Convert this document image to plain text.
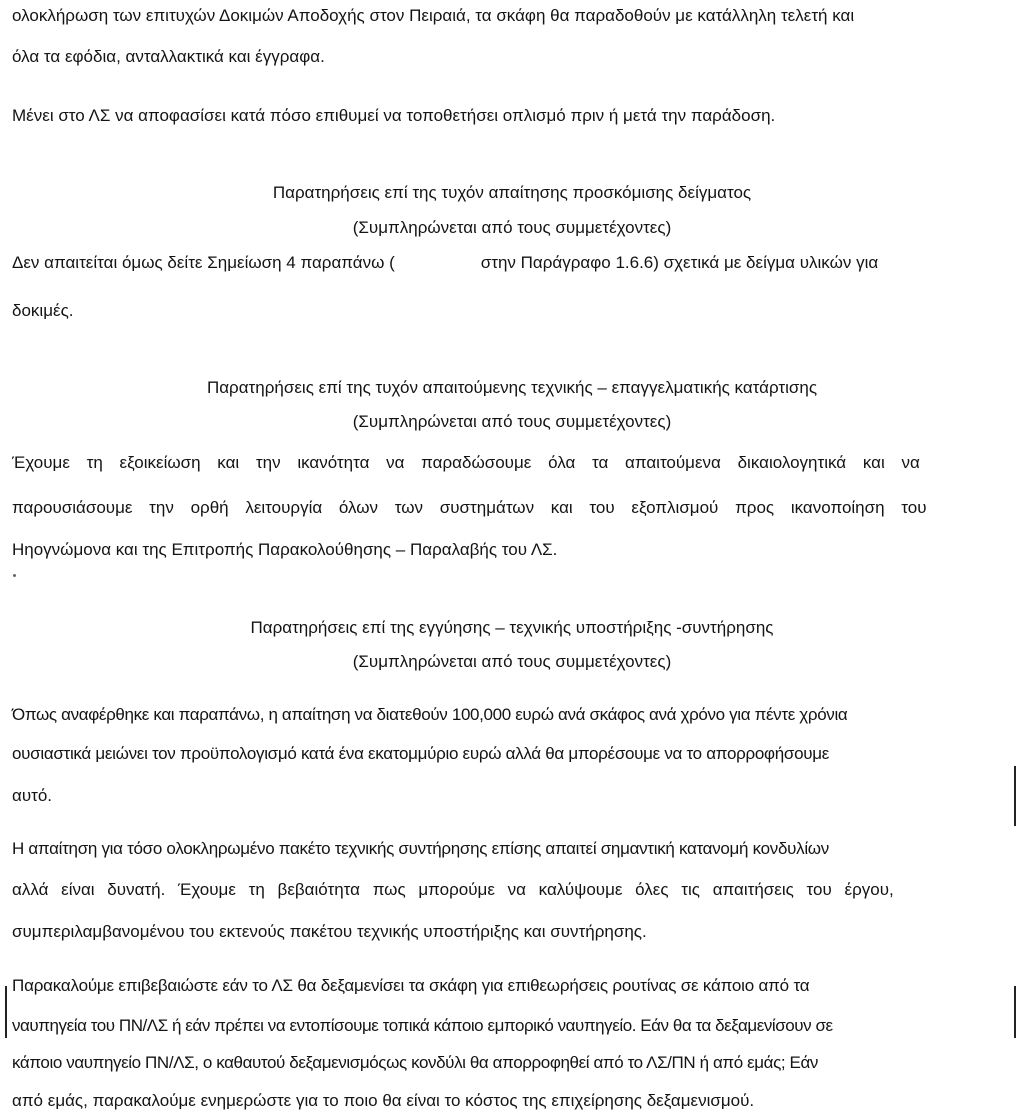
ολοκλήρωση των επιτυχών Δοκιμών Αποδοχής στον Πειραιά, τα σκάφη θα παραδοθούν με κατάλληλη τελετή και
όλα τα εφόδια, ανταλλακτικά και έγγραφα.
Μένει στο ΛΣ να αποφασίσει κατά πόσο επιθυμεί να τοποθετήσει οπλισμό πριν ή μετά την παράδοση.
Παρατηρήσεις επί της τυχόν απαίτησης προσκόμισης δείγματος
(Συμπληρώνεται από τους συμμετέχοντες)
Δεν απαιτείται όμως δείτε Σημείωση 4 παραπάνω (	στην Παράγραφο 1.6.6) σχετικά με δείγμα υλικών για
δοκιμές.
Παρατηρήσεις επί της τυχόν απαιτούμενης τεχνικής – επαγγελματικής κατάρτισης
(Συμπληρώνεται από τους συμμετέχοντες)
Έχουμε τη εξοικείωση και την ικανότητα να παραδώσουμε όλα τα απαιτούμενα δικαιολογητικά και να
παρουσιάσουμε την ορθή λειτουργία όλων των συστημάτων και του εξοπλισμού προς ικανοποίηση του
Ηηογνώμονα και της Επιτροπής Παρακολούθησης – Παραλαβής του ΛΣ.
Παρατηρήσεις επί της εγγύησης – τεχνικής υποστήριξης -συντήρησης
(Συμπληρώνεται από τους συμμετέχοντες)
Όπως αναφέρθηκε και παραπάνω, η απαίτηση να διατεθούν 100,000 ευρώ ανά σκάφος ανά χρόνο για πέντε χρόνια
ουσιαστικά μειώνει τον προϋπολογισμό κατά ένα εκατομμύριο ευρώ αλλά θα μπορέσουμε να το απορροφήσουμε
αυτό.
Η απαίτηση για τόσο ολοκληρωμένο πακέτο τεχνικής συντήρησης επίσης απαιτεί σημαντική κατανομή κονδυλίων
αλλά είναι δυνατή. Έχουμε τη βεβαιότητα πως μπορούμε να καλύψουμε όλες τις απαιτήσεις του έργου,
συμπεριλαμβανομένου του εκτενούς πακέτου τεχνικής υποστήριξης και συντήρησης.
Παρακαλούμε επιβεβαιώστε εάν το ΛΣ θα δεξαμενίσει τα σκάφη για επιθεωρήσεις ρουτίνας σε κάποιο από τα
ναυπηγεία του ΠΝ/ΛΣ ή εάν πρέπει να εντοπίσουμε τοπικά κάποιο εμπορικό ναυπηγείο. Εάν θα τα δεξαμενίσουν σε
κάποιο ναυπηγείο ΠΝ/ΛΣ, ο καθαυτού δεξαμενισμόςως κονδύλι θα απορροφηθεί από το ΛΣ/ΠΝ ή από εμάς; Εάν
από εμάς, παρακαλούμε ενημερώστε για το ποιο θα είναι το κόστος της επιχείρησης δεξαμενισμού.
